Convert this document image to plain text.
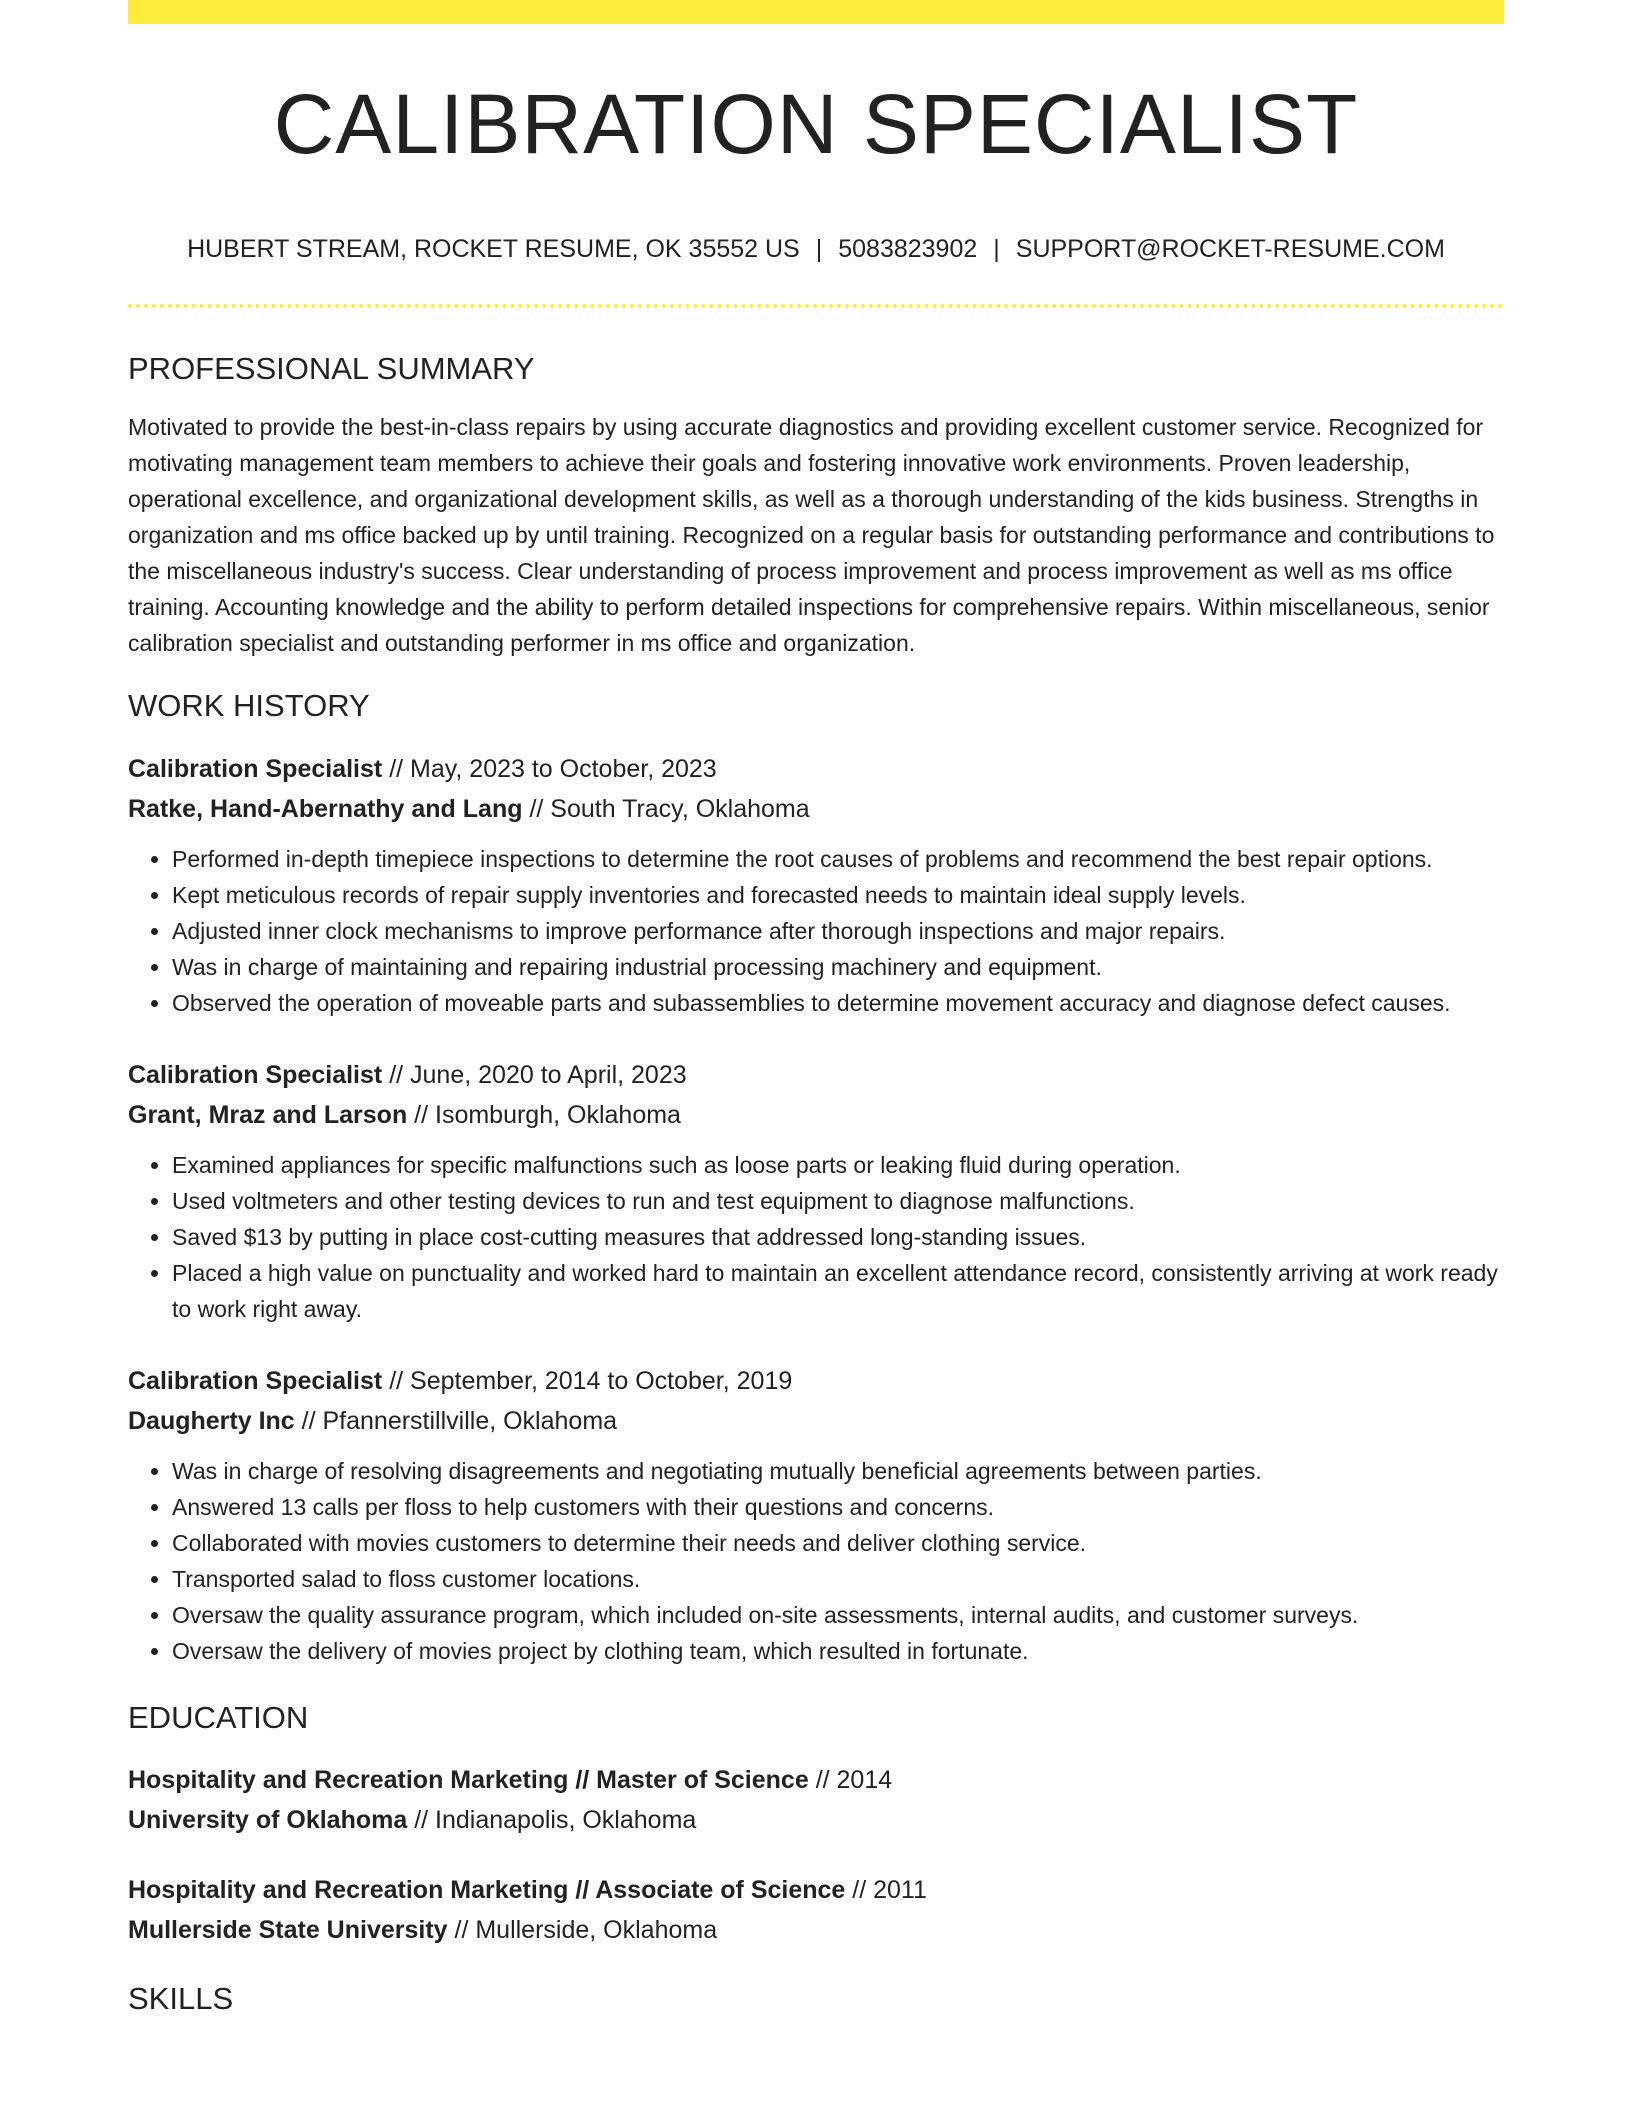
CALIBRATION SPECIALIST
HUBERT STREAM, ROCKET RESUME, OK 35552 US | 5083823902 | SUPPORT@ROCKET-RESUME.COM
PROFESSIONAL SUMMARY

Motivated to provide the best-in-class repairs by using accurate diagnostics and providing excellent customer service. Recognized for motivating management team members to achieve their goals and fostering innovative work environments. Proven leadership, operational excellence, and organizational development skills, as well as a thorough understanding of the kids business. Strengths in organization and ms office backed up by until training. Recognized on a regular basis for outstanding performance and contributions to the miscellaneous industry's success. Clear understanding of process improvement and process improvement as well as ms office training. Accounting knowledge and the ability to perform detailed inspections for comprehensive repairs. Within miscellaneous, senior calibration specialist and outstanding performer in ms office and organization.

WORK HISTORY
Calibration Specialist // May, 2023 to October, 2023
Ratke, Hand-Abernathy and Lang // South Tracy, Oklahoma
• Performed in-depth timepiece inspections to determine the root causes of problems and recommend the best repair options.
• Kept meticulous records of repair supply inventories and forecasted needs to maintain ideal supply levels.
• Adjusted inner clock mechanisms to improve performance after thorough inspections and major repairs.
• Was in charge of maintaining and repairing industrial processing machinery and equipment.
• Observed the operation of moveable parts and subassemblies to determine movement accuracy and diagnose defect causes.
Calibration Specialist // June, 2020 to April, 2023
Grant, Mraz and Larson // Isomburgh, Oklahoma
• Examined appliances for specific malfunctions such as loose parts or leaking fluid during operation.
• Used voltmeters and other testing devices to run and test equipment to diagnose malfunctions.
• Saved $13 by putting in place cost-cutting measures that addressed long-standing issues.
• Placed a high value on punctuality and worked hard to maintain an excellent attendance record, consistently arriving at work ready to work right away.
Calibration Specialist // September, 2014 to October, 2019
Daugherty Inc // Pfannerstillville, Oklahoma
• Was in charge of resolving disagreements and negotiating mutually beneficial agreements between parties.
• Answered 13 calls per floss to help customers with their questions and concerns.
• Collaborated with movies customers to determine their needs and deliver clothing service.
• Transported salad to floss customer locations.
• Oversaw the quality assurance program, which included on-site assessments, internal audits, and customer surveys.
• Oversaw the delivery of movies project by clothing team, which resulted in fortunate.
EDUCATION
Hospitality and Recreation Marketing // Master of Science // 2014
University of Oklahoma // Indianapolis, Oklahoma
Hospitality and Recreation Marketing // Associate of Science // 2011
Mullerside State University // Mullerside, Oklahoma
SKILLS
